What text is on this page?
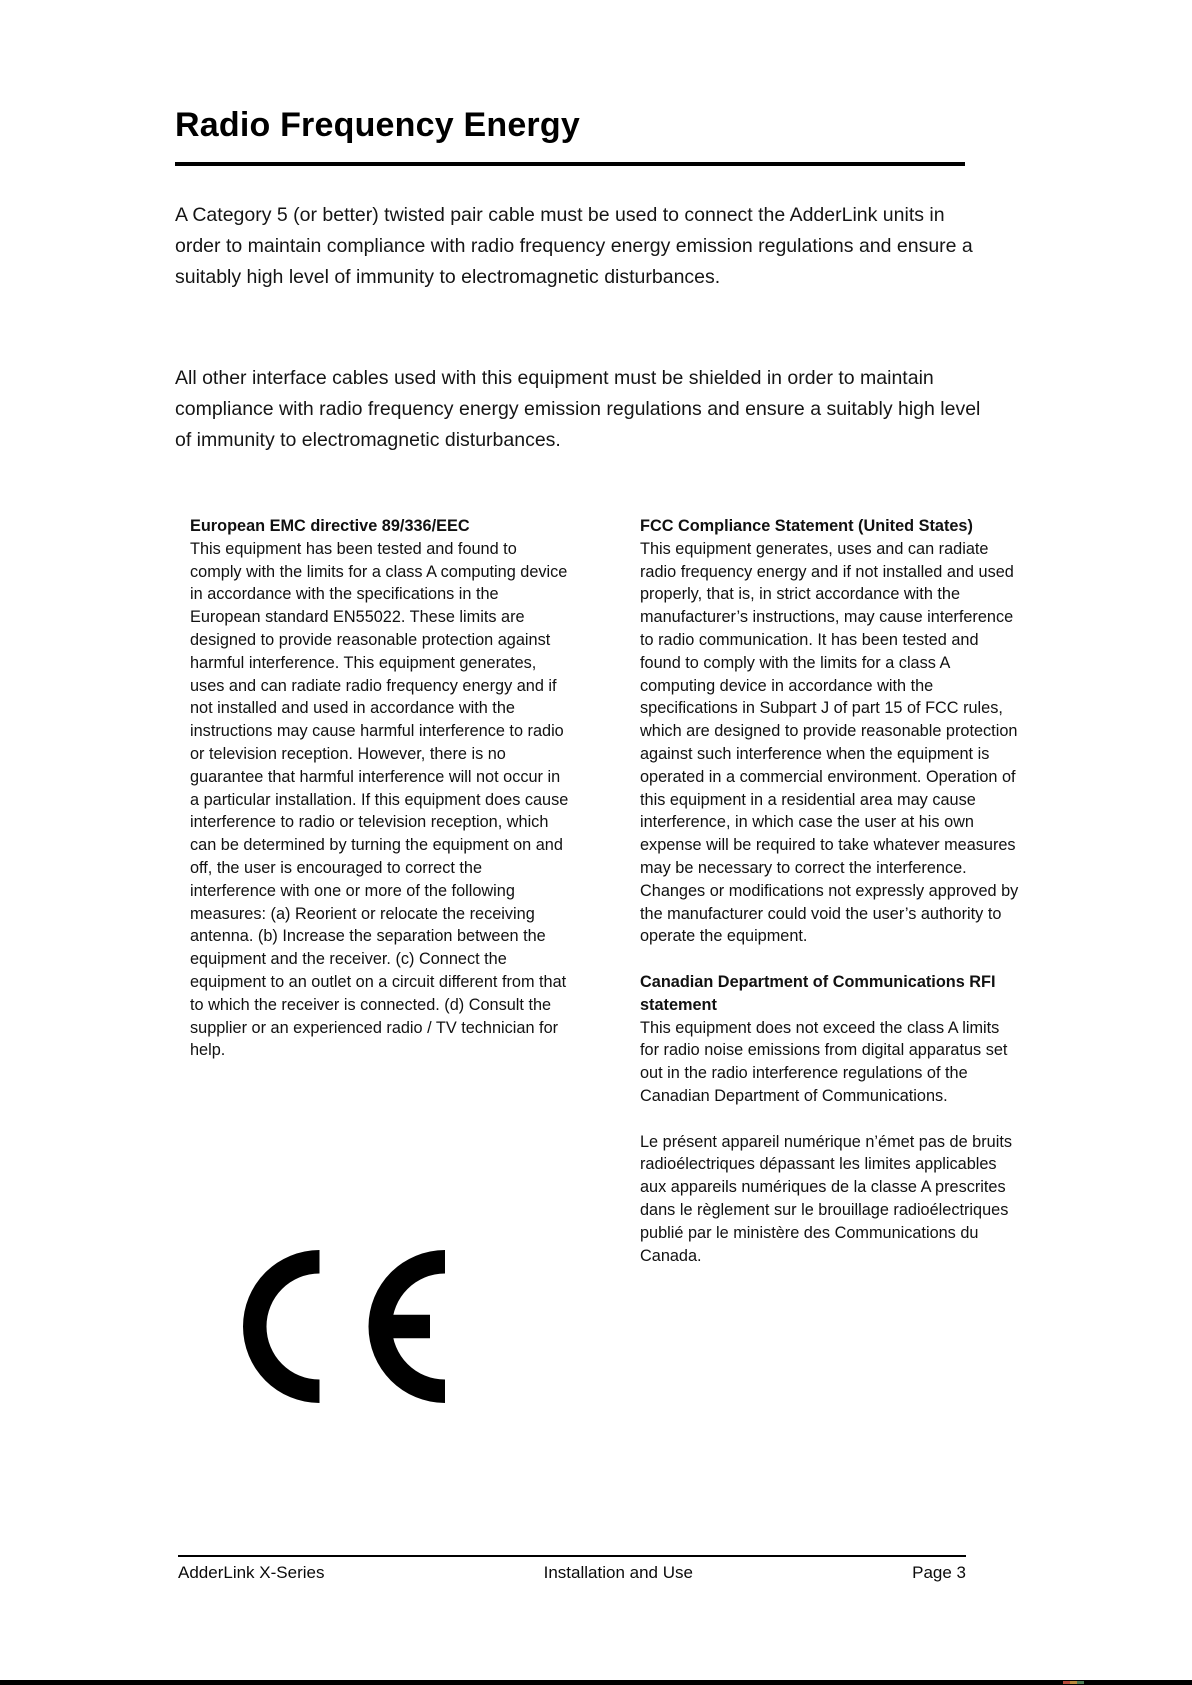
Radio Frequency Energy

A Category 5 (or better) twisted pair cable must be used to connect the AdderLink units in order to maintain compliance with radio frequency energy emission regulations and ensure a suitably high level of immunity to electromagnetic disturbances.

All other interface cables used with this equipment must be shielded in order to maintain compliance with radio frequency energy emission regulations and ensure a suitably high level of immunity to electromagnetic disturbances.

European EMC directive 89/336/EEC
This equipment has been tested and found to comply with the limits for a class A computing device in accordance with the specifications in the European standard EN55022. These limits are designed to provide reasonable protection against harmful interference. This equipment generates, uses and can radiate radio frequency energy and if not installed and used in accordance with the instructions may cause harmful interference to radio or television reception. However, there is no guarantee that harmful interference will not occur in a particular installation. If this equipment does cause interference to radio or television reception, which can be determined by turning the equipment on and off, the user is encouraged to correct the interference with one or more of the following measures: (a) Reorient or relocate the receiving antenna. (b) Increase the separation between the equipment and the receiver. (c) Connect the equipment to an outlet on a circuit different from that to which the receiver is connected. (d) Consult the supplier or an experienced radio / TV technician for help.
FCC Compliance Statement (United States)
This equipment generates, uses and can radiate radio frequency energy and if not installed and used properly, that is, in strict accordance with the manufacturer’s instructions, may cause interference to radio communication. It has been tested and found to comply with the limits for a class A computing device in accordance with the specifications in Subpart J of part 15 of FCC rules, which are designed to provide reasonable protection against such interference when the equipment is operated in a commercial environment. Operation of this equipment in a residential area may cause interference, in which case the user at his own expense will be required to take whatever measures may be necessary to correct the interference. Changes or modifications not expressly approved by the manufacturer could void the user’s authority to operate the equipment.
Canadian Department of Communications RFI statement
This equipment does not exceed the class A limits for radio noise emissions from digital apparatus set out in the radio interference regulations of the Canadian Department of Communications.
Le présent appareil numérique n’émet pas de bruits radioélectriques dépassant les limites applicables aux appareils numériques de la classe A prescrites dans le règlement sur le brouillage radioélectriques publié par le ministère des Communications du Canada.
AdderLink X-Series	Installation and Use	Page 3
